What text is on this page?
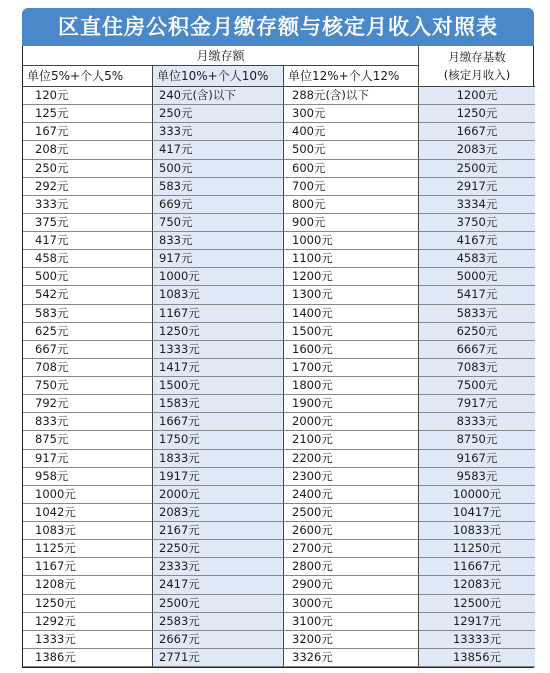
区直住房公积金月缴存额与核定月收入对照表
月缴存额	月缴存基数
(核定月收入)
单位5%+个人5%	单位10%+个人10%	单位12%+个人12%
120元	240元(含)以下	288元(含)以下	1200元
125元	250元	300元	1250元
167元	333元	400元	1667元
208元	417元	500元	2083元
250元	500元	600元	2500元
292元	583元	700元	2917元
333元	669元	800元	3334元
375元	750元	900元	3750元
417元	833元	1000元	4167元
458元	917元	1100元	4583元
500元	1000元	1200元	5000元
542元	1083元	1300元	5417元
583元	1167元	1400元	5833元
625元	1250元	1500元	6250元
667元	1333元	1600元	6667元
708元	1417元	1700元	7083元
750元	1500元	1800元	7500元
792元	1583元	1900元	7917元
833元	1667元	2000元	8333元
875元	1750元	2100元	8750元
917元	1833元	2200元	9167元
958元	1917元	2300元	9583元
1000元	2000元	2400元	10000元
1042元	2083元	2500元	10417元
1083元	2167元	2600元	10833元
1125元	2250元	2700元	11250元
1167元	2333元	2800元	11667元
1208元	2417元	2900元	12083元
1250元	2500元	3000元	12500元
1292元	2583元	3100元	12917元
1333元	2667元	3200元	13333元
1386元	2771元	3326元	13856元
